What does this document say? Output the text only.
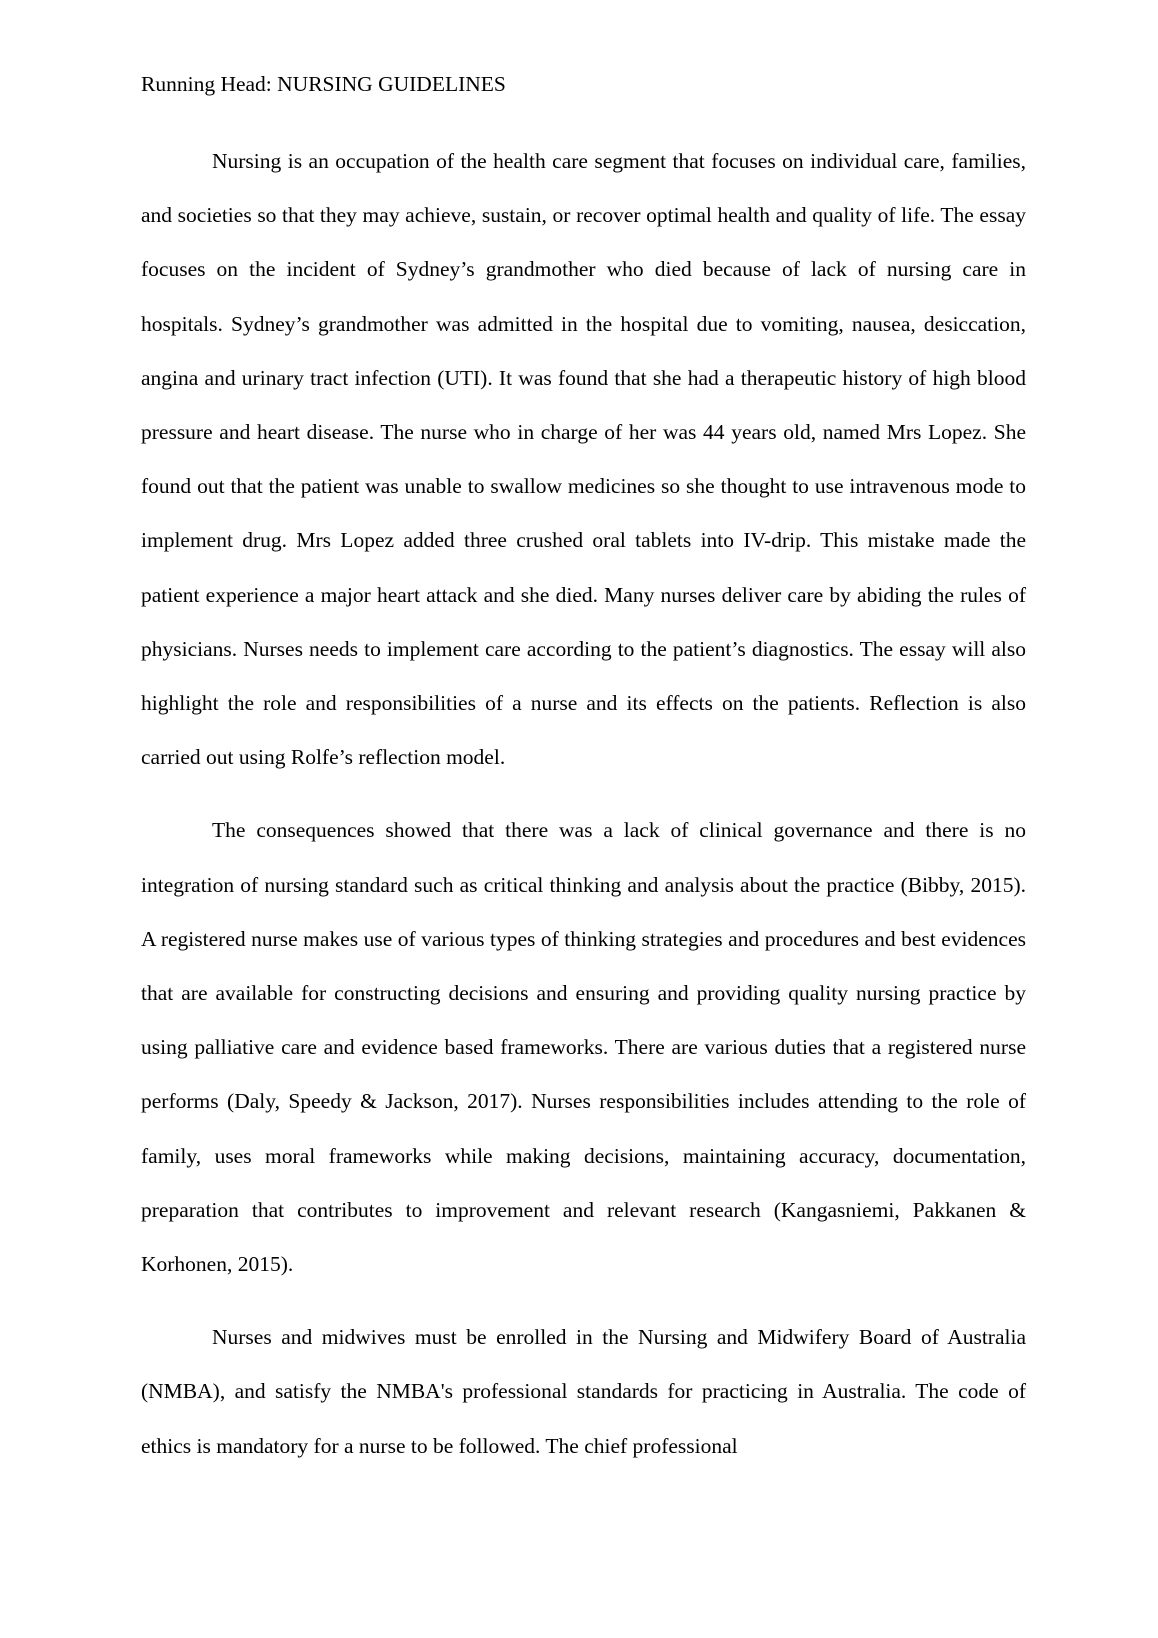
Running Head: NURSING GUIDELINES

Nursing is an occupation of the health care segment that focuses on individual care, families, and societies so that they may achieve, sustain, or recover optimal health and quality of life. The essay focuses on the incident of Sydney’s grandmother who died because of lack of nursing care in hospitals. Sydney’s grandmother was admitted in the hospital due to vomiting, nausea, desiccation, angina and urinary tract infection (UTI). It was found that she had a therapeutic history of high blood pressure and heart disease. The nurse who in charge of her was 44 years old, named Mrs Lopez. She found out that the patient was unable to swallow medicines so she thought to use intravenous mode to implement drug. Mrs Lopez added three crushed oral tablets into IV-drip. This mistake made the patient experience a major heart attack and she died. Many nurses deliver care by abiding the rules of physicians. Nurses needs to implement care according to the patient’s diagnostics. The essay will also highlight the role and responsibilities of a nurse and its effects on the patients. Reflection is also carried out using Rolfe’s reflection model.

The consequences showed that there was a lack of clinical governance and there is no integration of nursing standard such as critical thinking and analysis about the practice (Bibby, 2015). A registered nurse makes use of various types of thinking strategies and procedures and best evidences that are available for constructing decisions and ensuring and providing quality nursing practice by using palliative care and evidence based frameworks. There are various duties that a registered nurse performs (Daly, Speedy & Jackson, 2017). Nurses responsibilities includes attending to the role of family, uses moral frameworks while making decisions, maintaining accuracy, documentation, preparation that contributes to improvement and relevant research (Kangasniemi, Pakkanen & Korhonen, 2015).

Nurses and midwives must be enrolled in the Nursing and Midwifery Board of Australia (NMBA), and satisfy the NMBA's professional standards for practicing in Australia. The code of ethics is mandatory for a nurse to be followed. The chief professional
